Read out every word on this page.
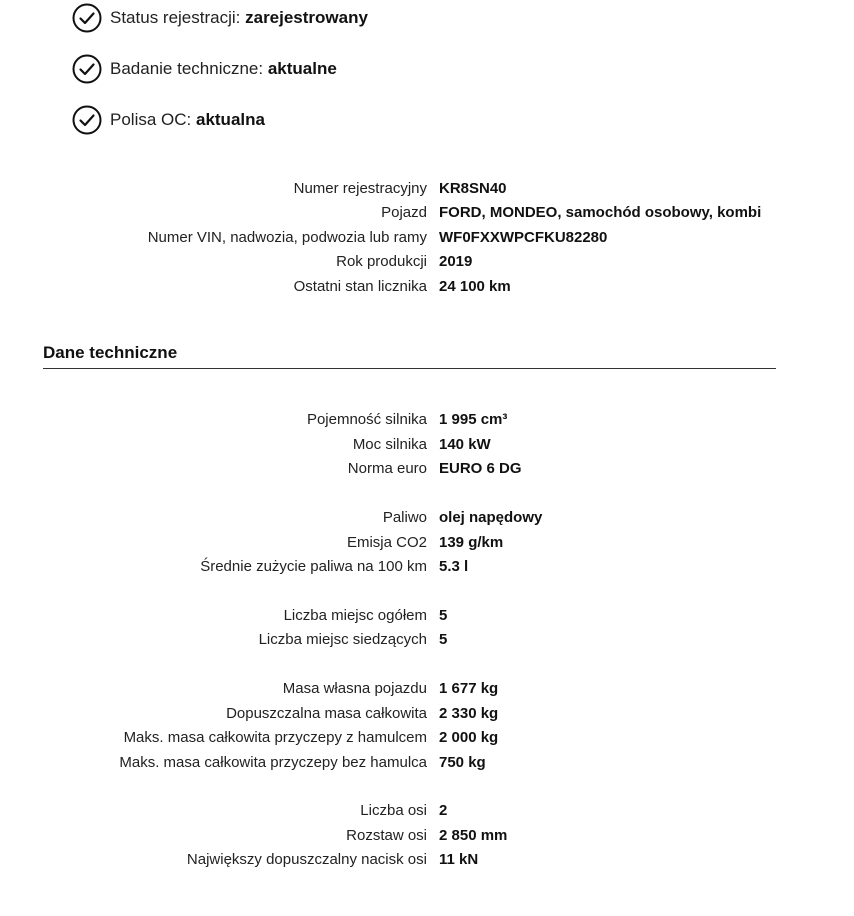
Status rejestracji: zarejestrowany
Badanie techniczne: aktualne
Polisa OC: aktualna
Numer rejestracyjny KR8SN40
Pojazd FORD, MONDEO, samochód osobowy, kombi
Numer VIN, nadwozia, podwozia lub ramy WF0FXXWPCFKU82280
Rok produkcji 2019
Ostatni stan licznika 24 100 km
Dane techniczne
Pojemność silnika 1 995 cm³
Moc silnika 140 kW
Norma euro EURO 6 DG
Paliwo olej napędowy
Emisja CO2 139 g/km
Średnie zużycie paliwa na 100 km 5.3 l
Liczba miejsc ogółem 5
Liczba miejsc siedzących 5
Masa własna pojazdu 1 677 kg
Dopuszczalna masa całkowita 2 330 kg
Maks. masa całkowita przyczepy z hamulcem 2 000 kg
Maks. masa całkowita przyczepy bez hamulca 750 kg
Liczba osi 2
Rozstaw osi 2 850 mm
Największy dopuszczalny nacisk osi 11 kN
